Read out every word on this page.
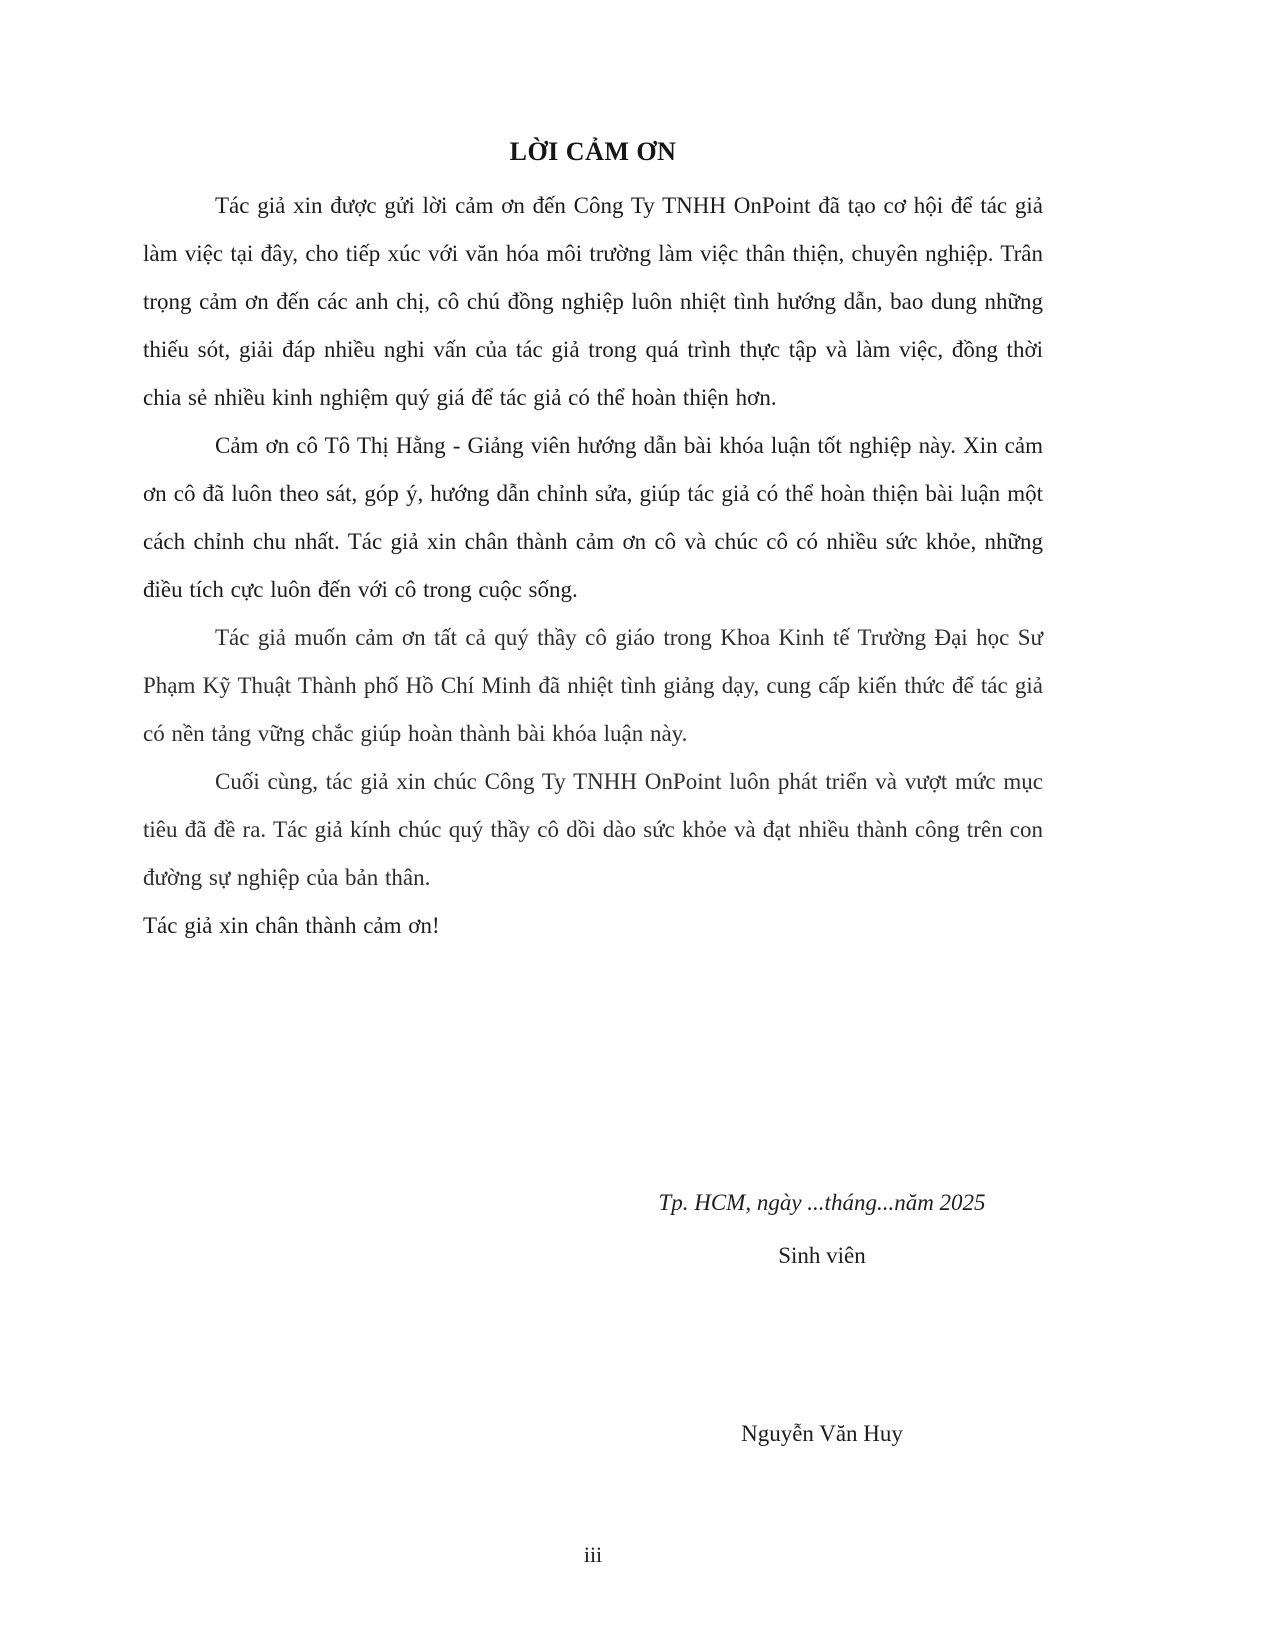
LỜI CẢM ƠN

Tác giả xin được gửi lời cảm ơn đến Công Ty TNHH OnPoint đã tạo cơ hội để tác giả làm việc tại đây, cho tiếp xúc với văn hóa môi trường làm việc thân thiện, chuyên nghiệp. Trân trọng cảm ơn đến các anh chị, cô chú đồng nghiệp luôn nhiệt tình hướng dẫn, bao dung những thiếu sót, giải đáp nhiều nghi vấn của tác giả trong quá trình thực tập và làm việc, đồng thời chia sẻ nhiều kinh nghiệm quý giá để tác giả có thể hoàn thiện hơn.

Cảm ơn cô Tô Thị Hằng - Giảng viên hướng dẫn bài khóa luận tốt nghiệp này. Xin cảm ơn cô đã luôn theo sát, góp ý, hướng dẫn chỉnh sửa, giúp tác giả có thể hoàn thiện bài luận một cách chỉnh chu nhất. Tác giả xin chân thành cảm ơn cô và chúc cô có nhiều sức khỏe, những điều tích cực luôn đến với cô trong cuộc sống.

Tác giả muốn cảm ơn tất cả quý thầy cô giáo trong Khoa Kinh tế Trường Đại học Sư Phạm Kỹ Thuật Thành phố Hồ Chí Minh đã nhiệt tình giảng dạy, cung cấp kiến thức để tác giả có nền tảng vững chắc giúp hoàn thành bài khóa luận này.

Cuối cùng, tác giả xin chúc Công Ty TNHH OnPoint luôn phát triển và vượt mức mục tiêu đã đề ra. Tác giả kính chúc quý thầy cô dồi dào sức khỏe và đạt nhiều thành công trên con đường sự nghiệp của bản thân.

Tác giả xin chân thành cảm ơn!

Tp. HCM, ngày ...tháng...năm 2025
Sinh viên
Nguyễn Văn Huy
iii
